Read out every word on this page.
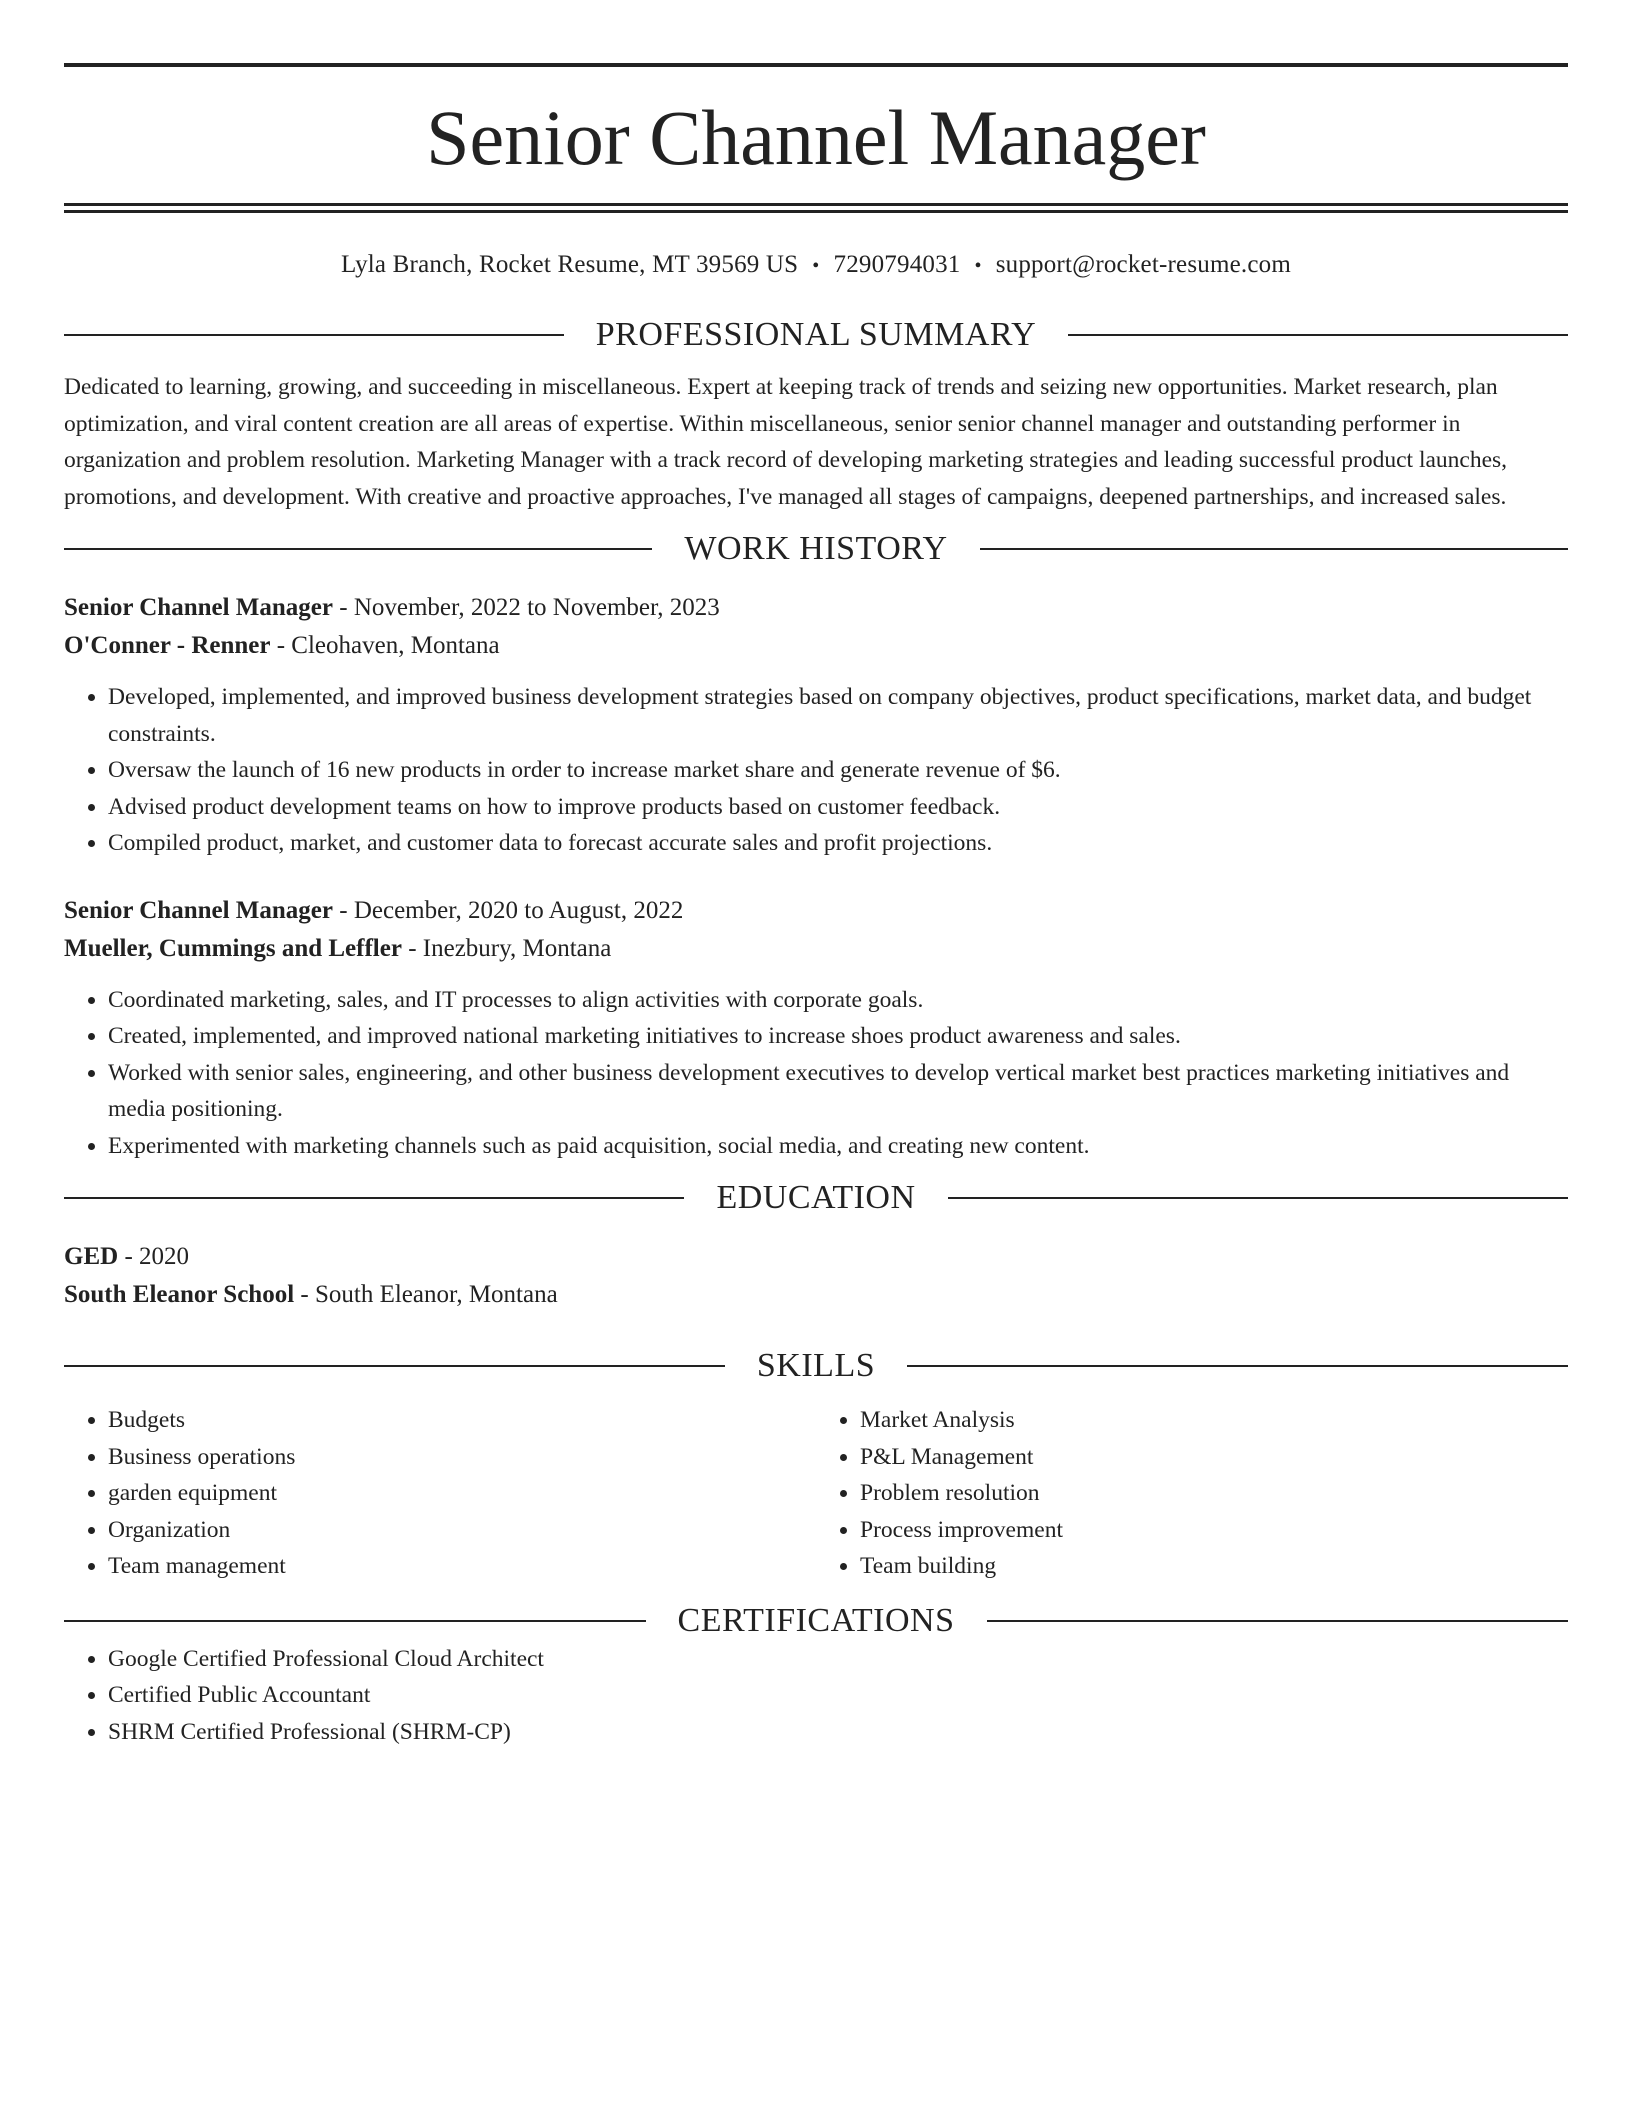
Senior Channel Manager
Lyla Branch, Rocket Resume, MT 39569 US • 7290794031 • support@rocket-resume.com
PROFESSIONAL SUMMARY

Dedicated to learning, growing, and succeeding in miscellaneous. Expert at keeping track of trends and seizing new opportunities. Market research, plan optimization, and viral content creation are all areas of expertise. Within miscellaneous, senior senior channel manager and outstanding performer in organization and problem resolution. Marketing Manager with a track record of developing marketing strategies and leading successful product launches, promotions, and development. With creative and proactive approaches, I've managed all stages of campaigns, deepened partnerships, and increased sales.

WORK HISTORY
Senior Channel Manager - November, 2022 to November, 2023
O'Conner - Renner - Cleohaven, Montana
• Developed, implemented, and improved business development strategies based on company objectives, product specifications, market data, and budget constraints.
• Oversaw the launch of 16 new products in order to increase market share and generate revenue of $6.
• Advised product development teams on how to improve products based on customer feedback.
• Compiled product, market, and customer data to forecast accurate sales and profit projections.
Senior Channel Manager - December, 2020 to August, 2022
Mueller, Cummings and Leffler - Inezbury, Montana
• Coordinated marketing, sales, and IT processes to align activities with corporate goals.
• Created, implemented, and improved national marketing initiatives to increase shoes product awareness and sales.
• Worked with senior sales, engineering, and other business development executives to develop vertical market best practices marketing initiatives and media positioning.
• Experimented with marketing channels such as paid acquisition, social media, and creating new content.
EDUCATION
GED - 2020
South Eleanor School - South Eleanor, Montana
SKILLS
• Budgets
• Business operations
• garden equipment
• Organization
• Team management
• Market Analysis
• P&L Management
• Problem resolution
• Process improvement
• Team building
CERTIFICATIONS
• Google Certified Professional Cloud Architect
• Certified Public Accountant
• SHRM Certified Professional (SHRM-CP)
